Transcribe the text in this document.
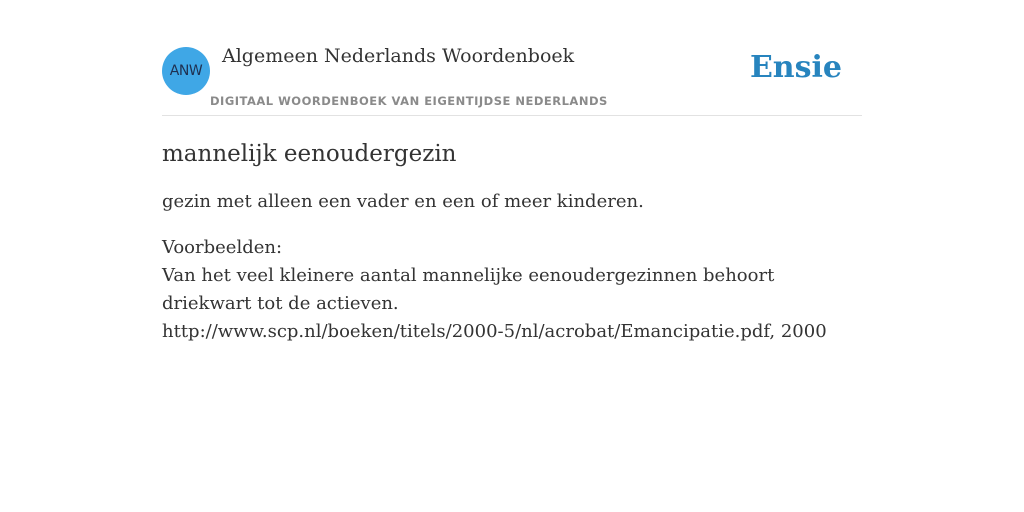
ANW
Algemeen Nederlands Woordenboek
DIGITAAL WOORDENBOEK VAN EIGENTIJDSE NEDERLANDS
Ensie
mannelijk eenoudergezin

gezin met alleen een vader en een of meer kinderen.

Voorbeelden:
Van het veel kleinere aantal mannelijke eenoudergezinnen behoort driekwart tot de actieven.
http://www.scp.nl/boeken/titels/2000-5/nl/acrobat/Emancipatie.pdf, 2000
